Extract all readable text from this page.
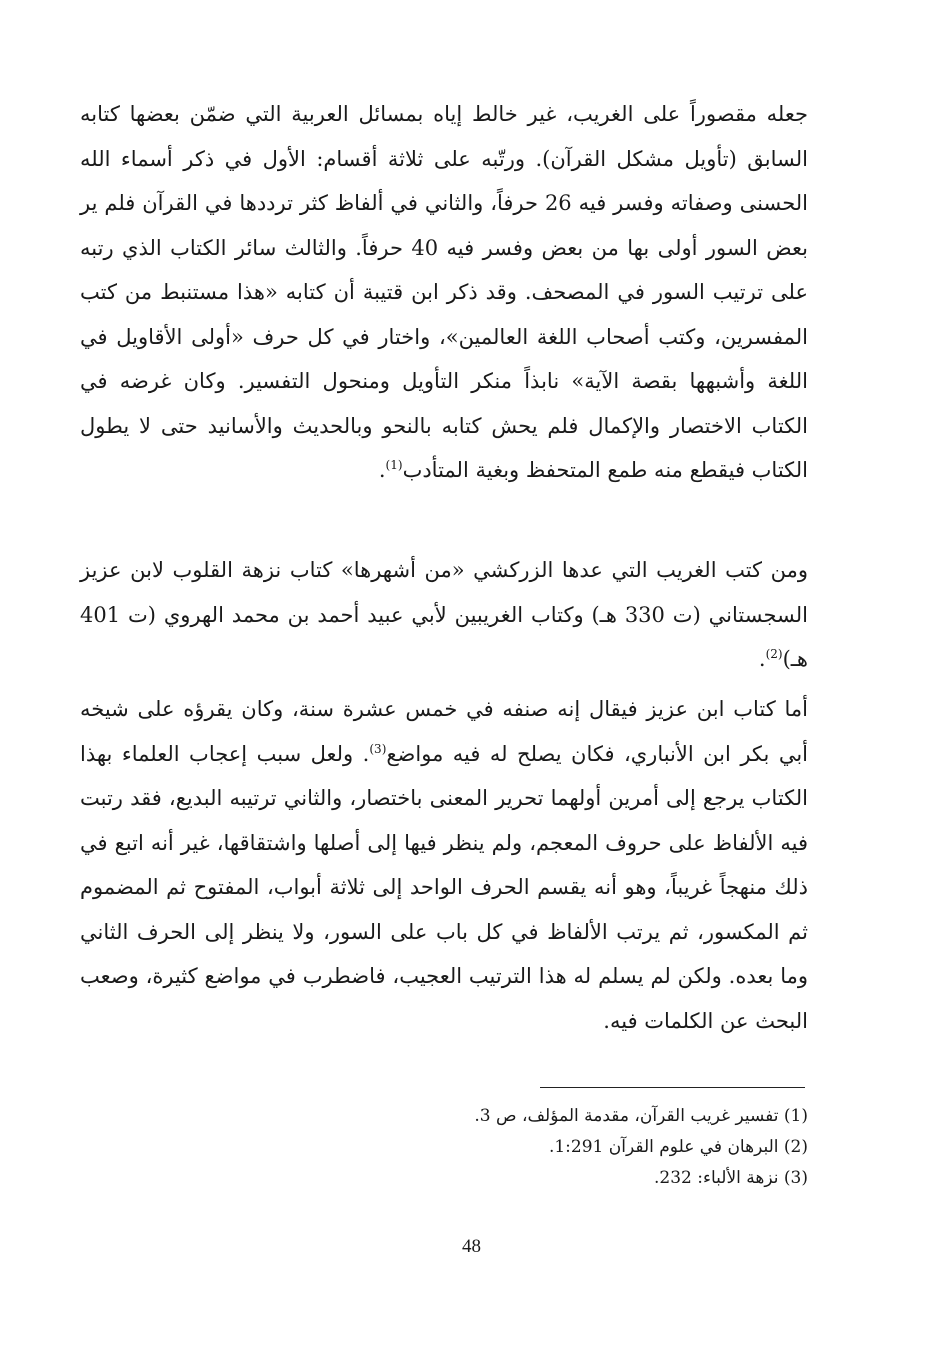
جعله مقصوراً على الغريب، غير خالط إياه بمسائل العربية التي ضمّن بعضها كتابه السابق (تأويل مشكل القرآن). ورتّبه على ثلاثة أقسام: الأول في ذكر أسماء الله الحسنى وصفاته وفسر فيه 26 حرفاً، والثاني في ألفاظ كثر ترددها في القرآن فلم ير بعض السور أولى بها من بعض وفسر فيه 40 حرفاً. والثالث سائر الكتاب الذي رتبه على ترتيب السور في المصحف. وقد ذكر ابن قتيبة أن كتابه «هذا مستنبط من كتب المفسرين، وكتب أصحاب اللغة العالمين»، واختار في كل حرف «أولى الأقاويل في اللغة وأشبهها بقصة الآية» نابذاً منكر التأويل ومنحول التفسير. وكان غرضه في الكتاب الاختصار والإكمال فلم يحش كتابه بالنحو وبالحديث والأسانيد حتى لا يطول الكتاب فيقطع منه طمع المتحفظ وبغية المتأدب$^{(1)}$.

ومن كتب الغريب التي عدها الزركشي «من أشهرها» كتاب نزهة القلوب لابن عزيز السجستاني (ت 330 هـ) وكتاب الغريبين لأبي عبيد أحمد بن محمد الهروي (ت 401 هـ)$^{(2)}$.

أما كتاب ابن عزيز فيقال إنه صنفه في خمس عشرة سنة، وكان يقرؤه على شيخه أبي بكر ابن الأنباري، فكان يصلح له فيه مواضع$^{(3)}$. ولعل سبب إعجاب العلماء بهذا الكتاب يرجع إلى أمرين أولهما تحرير المعنى باختصار، والثاني ترتيبه البديع، فقد رتبت فيه الألفاظ على حروف المعجم، ولم ينظر فيها إلى أصلها واشتقاقها، غير أنه اتبع في ذلك منهجاً غريباً، وهو أنه يقسم الحرف الواحد إلى ثلاثة أبواب، المفتوح ثم المضموم ثم المكسور، ثم يرتب الألفاظ في كل باب على السور، ولا ينظر إلى الحرف الثاني وما بعده. ولكن لم يسلم له هذا الترتيب العجيب، فاضطرب في مواضع كثيرة، وصعب البحث عن الكلمات فيه.

(1) تفسير غريب القرآن، مقدمة المؤلف، ص 3.
(2) البرهان في علوم القرآن 1:291.
(3) نزهة الألباء: 232.
48
